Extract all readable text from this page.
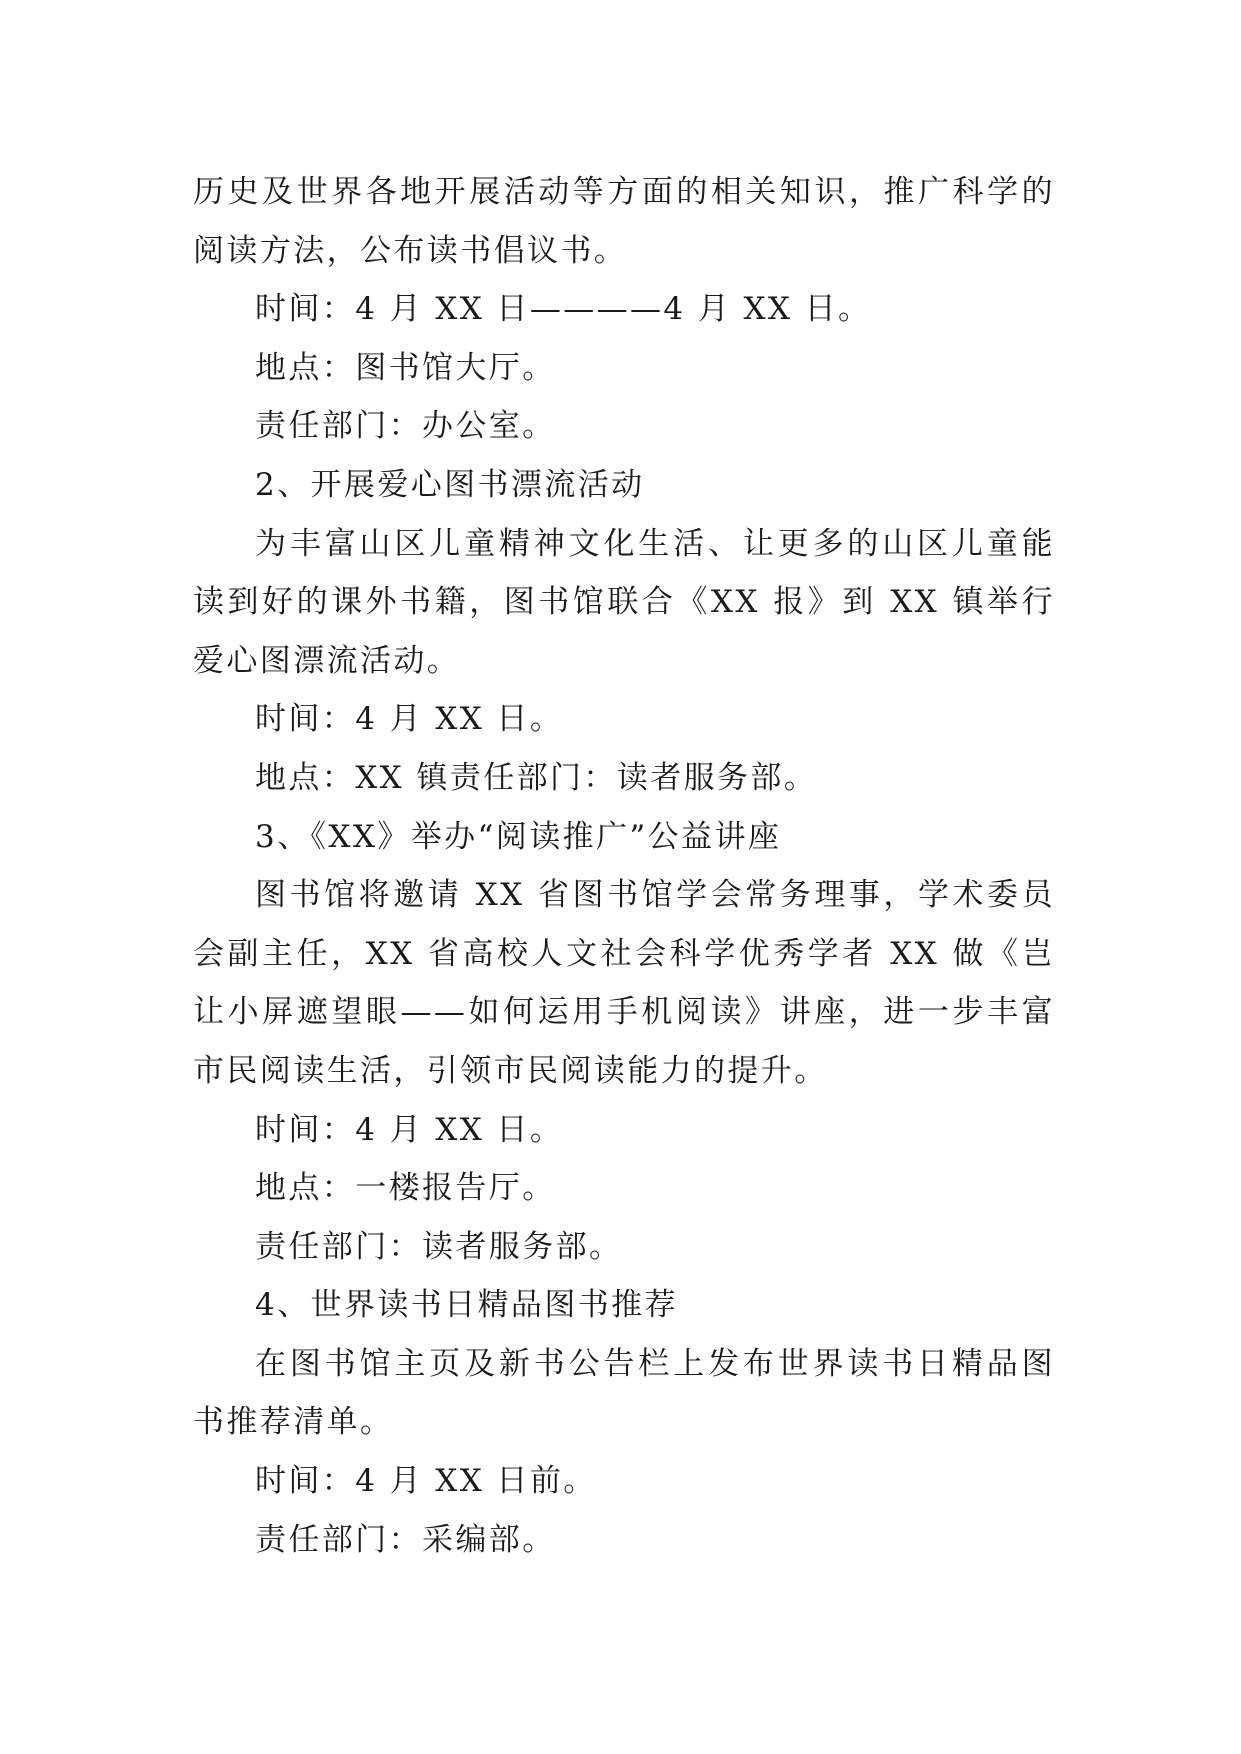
历史及世界各地开展活动等方面的相关知识，推广科学的阅读方法，公布读书倡议书。

时间：4 月 XX 日————4 月 XX 日。

地点：图书馆大厅。

责任部门：办公室。

2、开展爱心图书漂流活动

为丰富山区儿童精神文化生活、让更多的山区儿童能读到好的课外书籍，图书馆联合《XX 报》到 XX 镇举行爱心图漂流活动。

时间：4 月 XX 日。

地点：XX 镇责任部门：读者服务部。

3、《XX》举办“阅读推广”公益讲座

图书馆将邀请 XX 省图书馆学会常务理事，学术委员会副主任，XX 省高校人文社会科学优秀学者 XX 做《岂让小屏遮望眼——如何运用手机阅读》讲座，进一步丰富市民阅读生活，引领市民阅读能力的提升。

时间：4 月 XX 日。

地点：一楼报告厅。

责任部门：读者服务部。

4、世界读书日精品图书推荐

在图书馆主页及新书公告栏上发布世界读书日精品图书推荐清单。

时间：4 月 XX 日前。

责任部门：采编部。
